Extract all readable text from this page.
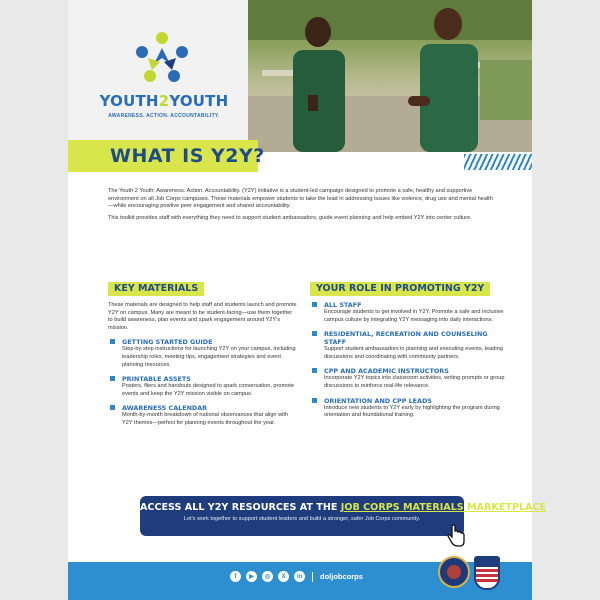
YOUTH2YOUTH
AWARENESS. ACTION. ACCOUNTABILITY.
WHAT IS Y2Y?

The Youth 2 Youth: Awareness. Action. Accountability. (Y2Y) initiative is a student-led campaign designed to promote a safe, healthy and supportive environment on all Job Corps campuses. These materials empower students to take the lead in addressing issues like violence, drug use and mental health—while encouraging positive peer engagement and shared accountability.

This toolkit provides staff with everything they need to support student ambassadors, guide event planning and help embed Y2Y into center culture.

KEY MATERIALS

These materials are designed to help staff and students launch and promote Y2Y on campus. Many are meant to be student-facing—use them together to build awareness, plan events and spark engagement around Y2Y's mission.

GETTING STARTED GUIDE
Step-by-step instructions for launching Y2Y on your campus, including leadership roles, meeting tips, engagement strategies and event planning resources.
PRINTABLE ASSETS
Posters, fliers and handouts designed to spark conversation, promote events and keep the Y2Y mission visible on campus.
AWARENESS CALENDAR
Month-by-month breakdown of national observances that align with Y2Y themes—perfect for planning events throughout the year.
YOUR ROLE IN PROMOTING Y2Y
ALL STAFF
Encourage students to get involved in Y2Y. Promote a safe and inclusive campus culture by integrating Y2Y messaging into daily interactions.
RESIDENTIAL, RECREATION AND COUNSELING STAFF
Support student ambassadors in planning and executing events, leading discussions and coordinating with community partners.
CPP AND ACADEMIC INSTRUCTORS
Incorporate Y2Y topics into classroom activities, writing prompts or group discussions to reinforce real-life relevance.
ORIENTATION AND CPP LEADS
Introduce new students to Y2Y early by highlighting the program during orientation and foundational training.
ACCESS ALL Y2Y RESOURCES AT THE JOB CORPS MATERIALS MARKETPLACE.
Let's work together to support student leaders and build a stronger, safer Job Corps community.
f	▶	◎	X	in	doljobcorps
